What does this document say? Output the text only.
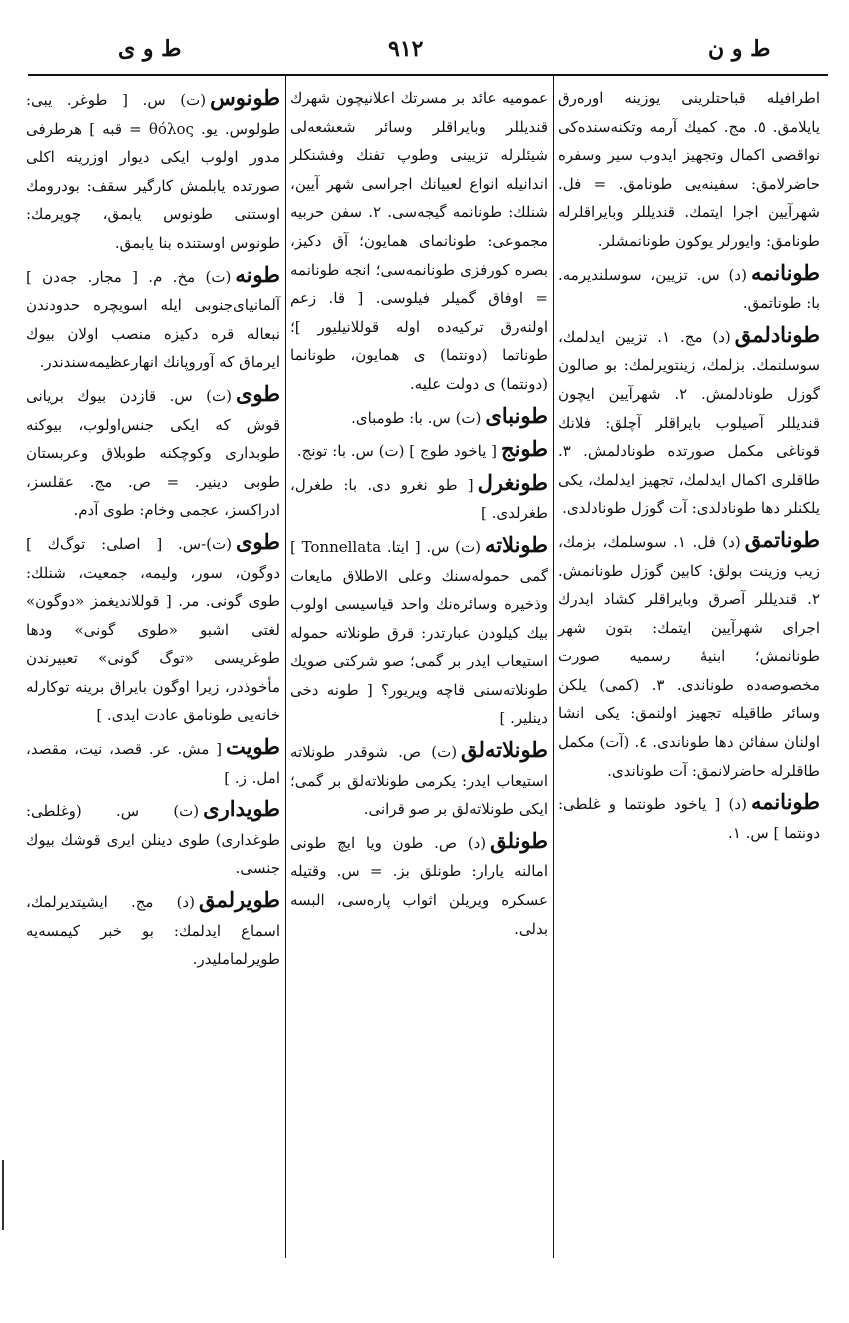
ط و ى	٩١٢	ط و ن

اطرافيله قباحتلرينى يوزينه او‌ره‌رق يايلامق. ٥. مج. كميك آرمه وتكنه‌سنده‌كى نواقصى اكمال وتجهيز ايدوب سير وسفره حاضرلامق: سفينه‌يى طونامق. = فل. شهرآيين اجرا ايتمك. قنديللر وبايراقلرله طونامق: وايورلر يوكون طونانمشلر.

طونانمه(د) س. تزيين، سو‌سلنديرمه. با: طونا‌تمق.

طونادلمق(د) مج. ١. تزيين ايدلمك، سوسلنمك. بزلمك، زينتويرلمك: بو صالون گوزل طونادلمش. ٢. شهرآيين ايچون قنديللر آصيلوب بايراقلر آچلق: فلانك قوناغى مكمل صورتده طونادلمش. ٣. طاقلرى اكمال ايدلمك، تجهيز ايدلمك، يكى يلكنلر دها طونادلدى: آت گوزل طونادلدى.

طوناتمق(د) فل. ١. سو‌سلمك، بزمك، زيب وزينت بولق: كابين گوزل طو‌نانمش. ٢. قنديللر آصرق وبايراقلر كشاد ايدرك اجراى شهرآيين ايتمك: بتون شهر طونانمش؛ ابنيهٔ رسميه صورت مخصوصه‌ده طوناندى. ٣. (كمى) يلكن وسائر طاقيله تجهيز اولنمق: يكى انشا اولنان سفائن دها طوناندى. ٤. (آت) مكمل طاقلرله حاضر‌لانمق: آت طوناندى.

طونانمه(د) [ ياخود طونتما و غلطى: دونتما ] س. ١.

عموميه عائد بر مسرتك اعلانيچون شهرك قنديللر وبايراقلر وسائر شعشعه‌لى شيئلرله تزيينى وطوپ تفنك وفشنكلر اندانيله انواع لعبيانك اجراسى شهر آيين، شنلك: طونانمه گيجه‌سى. ٢. سفن حربيه مجموعى: طونانماى همايون؛ آق دكيز، بصره كور‌فزى طونانمه‌سى؛ انجه طونانمه = اوفاق گميلر فيلوسى. [ قا. زعم اولنه‌رق تركيه‌ده اوله قوللا‌نيليور ]؛ طوناتما (دونتما) ى همايون، طونانما (دونتما) ى دولت عليه.

طونباى(ت) س. با: طومباى.

طونج[ ياخود طوج ] (ت) س. با: تونج.

طونغرل[ طو نغرو دى. با: طغرل، طغرلدى. ]

طونلاته(ت) س. [ ايتا. Tonnellata ] گمى حمولەسنك وعلى الاطلاق مايعات وذخيره وسائره‌نك واحد قيا‌سيسى اولوب بيك كيلودن عبارتدر: قرق طونلاته حموله استيعاب ايدر بر گمى؛ صو شر‌كتى صويك طونلاته‌سنى قاچه ويريور؟ [ طونه دخى دينلير. ]

طونلاته‌لق(ت) ص. شوقدر طونلاته استيعاب ايدر: يكرمى طونلاته‌لق بر گمى؛ ايكى طونلاته‌لق بر صو قرانى.

طونلق(د) ص. طون ويا ايچ طونى امالنه يارار: طونلق بز. = س. وقتيله عسكره ويريلن اثواب پاره‌سى، البسه بدلى.

طونوس(ت) س. [ طوغر. يبى: طولوس. يو. θόλος = قبه ] هرطرفى مدور اولوب ايكى ديوار اوزرينه اكلى صورتده يابلمش كارگير سقف: بودرومك اوستنى طو‌نوس يابمق، چويرمك: طونوس اوستنده بنا يابمق.

طونه(ت) مخ. م. [ مجار. جه‌دن ] آلمانياى‌جنوبى ايله اسويچره حدودندن نبعاله قره دكيزه منصب اولان بيوك ايرماق كه آوروپانك انهار‌عظيمه‌سندندر.

طوى(ت) س. قازدن بيوك بريانى قوش كه ايكى جنس‌اولوب، بيوكنه طوبدارى وكوچكنه طوبلاق وعربستان طوبى دينير. = ص. مج. عقلسز، ادراكسز، عجمى وخام: طوى آدم.

طوى(ت)-س. [ اصلى: توگ‌ك ] دوگون، سور، وليمه، جمعيت، شنلك: طوى گونى. مر. [ قوللانديغمز «دوگون» لغتى اشبو «طوى گونى» ودها طوغريسى «توگ گونى» تعبير‌ندن مأخوذدر، زيرا اوگون بايراق برينه توكارله خانه‌يى طو‌نامق عادت ايدى. ]

طويت[ مش. عر. قصد، نيت، مقصد، امل. ز. ]

طويدارى(ت) س. (وغلطى: طوغدارى) طوى دينلن ايرى قوشك بيوك جنسى.

طويرلمق(د) مج. ايشيتديرلمك، اسماع ايدلمك: بو خبر كيمسه‌يه طويرلمامليدر.
